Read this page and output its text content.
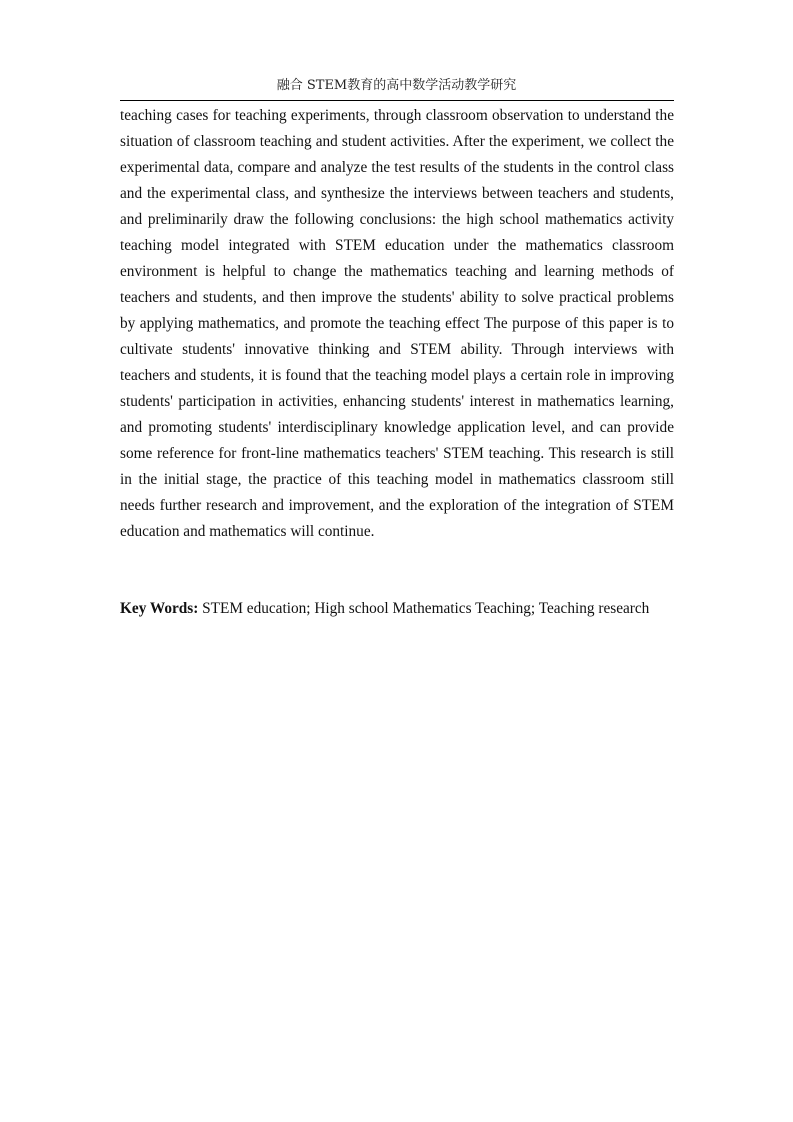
融合 STEM教育的高中数学活动教学研究

teaching cases for teaching experiments, through classroom observation to understand the situation of classroom teaching and student activities. After the experiment, we collect the experimental data, compare and analyze the test results of the students in the control class and the experimental class, and synthesize the interviews between teachers and students, and preliminarily draw the following conclusions: the high school mathematics activity teaching model integrated with STEM education under the mathematics classroom environment is helpful to change the mathematics teaching and learning methods of teachers and students, and then improve the students' ability to solve practical problems by applying mathematics, and promote the teaching effect The purpose of this paper is to cultivate students' innovative thinking and STEM ability. Through interviews with teachers and students, it is found that the teaching model plays a certain role in improving students' participation in activities, enhancing students' interest in mathematics learning, and promoting students' interdisciplinary knowledge application level, and can provide some reference for front-line mathematics teachers' STEM teaching. This research is still in the initial stage, the practice of this teaching model in mathematics classroom still needs further research and improvement, and the exploration of the integration of STEM education and mathematics will continue.

Key Words: STEM education; High school Mathematics Teaching; Teaching research
